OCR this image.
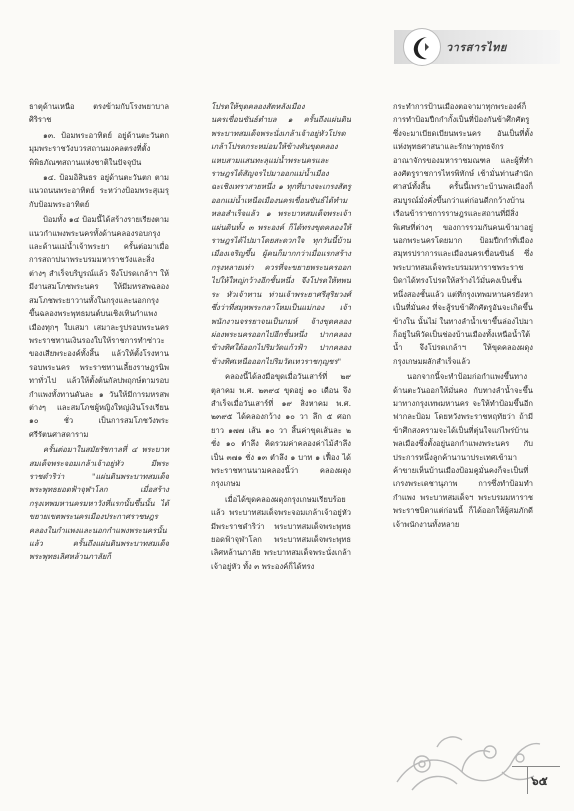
วารสารไทย

ธาตุด้านเหนือ ตรงข้ามกับโรงพยาบาลศิริราช

๑๓. ป้อมพระอาทิตย์ อยู่ด้านตะวันตกมุมพระราชวังบวรสถานมงคลตรงที่ตั้งพิพิธภัณฑสถานแห่งชาติในปัจจุบัน

๑๔. ป้อมอิสินธร อยู่ด้านตะวันตก ตามแนวถนนพระอาทิตย์ ระหว่างป้อมพระสุเมรุกับป้อมพระอาทิตย์

ป้อมทั้ง ๑๔ ป้อมนี้ได้สร้างรายเรียงตามแนวกำแพงพระนครทั้งด้านคลองรอบกรุงและด้านแม่น้ำเจ้าพระยา ครั้นต่อมาเมื่อการสถาปนาพระบรมมหาราชวังและสิ่งต่างๆ สำเร็จบริบูรณ์แล้ว จึงโปรดเกล้าฯ ให้มีงานสมโภชพระนคร ให้มีมหรสพฉลองสมโภชพระยาวานทั้งในกรุงและนอกกรุงขึ้นฉลองพระพุทธมนต์บนเชิงเทินกำแพงเมืองทุกๆ ใบเสมา เสมาละรูปรอบพระนครพระราชทานเงินรองใบให้ราชการทำซ่าวะของเสียพระองค์ทั้งสิ้น แล้วให้ตั้งโรงทานรอบพระนคร พระราชทานเลี้ยงราษฎรนิพทาทั่วไป แล้วให้ตั้งต้นกัลปพฤกษ์ตามรอบกำแพงทั้งทานดันละ ๑ วันให้มีการมหรสพต่างๆ และสมโภชผู้หญิงใหญ่เงินโรงเรียน ๑๐ ชั่ว เป็นการสมโภชวังพระศรีรัตนศาสดาราม

ครั้นต่อมาในสมัยรัชกาลที่ ๔ พระบาทสมเด็จพระจอมเกล้าเจ้าอยู่หัว มีพระราชดำริว่า "แผ่นดินพระบาทสมเด็จพระพุทธยอดฟ้าจุฬาโลก เมื่อสร้างกรุงเทพมหานครมหาวังที่แรกนั้นขึ้นนั้น ได้ขยายเขตพระนครเมืองประกาศราชษฎรคลองในกำแพงและนอกกำแพงพระนครนั้นแล้ว ครั้นถึงแผ่นดินพระบาทสมเด็จพระพุทธเลิศหล้านภาลัยก็

โปรดให้ขุดคลองสัตหลังเมืองนครเขื่อนขันธ์ตำบล ๑ ครั้นถึงแผ่นดินพระบาทสมเด็จพระนั่งเกล้าเจ้าอยู่หัวโปรดเกล้าโปรดกระหม่อมให้ข้างคันขุดคลองแหบสามแสนทะลุแม่น้ำพระนครและราษฎรได้สัญจรไปมาออกแม่น้ำเมืองฉะเชิงเทราสายหนึ่ง ๑ ทุกที่บางจะเกรงสัตรูออกแม่น้ำเหนือเมืองนครเขื่อนขันธ์ได้ทำมหลอสำเร็จแล้ว ๑ พระบาทสมเด็จพระเจ้าแผ่นดินทั้ง ๓ พระองค์ ก็ได้ทรงขุดคลองให้ราษฎรได้ไปมาโดยสะดวกใจ ทุกวันนี้บ้านเมืองเจริญขึ้น ผู้คนก็มากกว่าเมื่อแรกสร้างกรุงหลายเท่า ควรที่จะขยายพระนครออกไปให้ใหญ่กว้างอีกชั้นหนึ่ง จึงโปรดให้ทพนระ หัวเจ้าทาน ท่านเจ้าพระยาศรีสุริยวงศ์ ซึ่งว่าที่สมุหพระกลาโหมเป็นแม่กอง เจ้าพนักงานจรรยาจนเป็นกมห์ จ้างขุดคลองผ่องพระนครออกไปอีกชั้นหนึ่ง ปากคลองข้างทิศใต้ออกไปริมวัดแก้วฟ้า ปากคลองข้างทิศเหนือออกไปริมวัดเทวราชกุญชร"

คลองนี้ได้ลงมือขุดเมื่อวันเสาร์ที่ ๒๙ ตุลาคม พ.ศ. ๒๓๙๔ ขุดอยู่ ๑๐ เดือน จึงสำเร็จเมื่อวันเสาร์ที่ ๑๙ สิงหาคม พ.ศ. ๒๓๙๕ ได้คลองกว้าง ๑๐ วา ลึก ๕ ศอก ยาว ๑๗๗ เส้น ๑๐ วา สิ้นค่าขุดเส้นละ ๒ ชั่ง ๑๐ ตำลึง คิดรวมค่าคลองค่าไม้สำลึงเป็น ๓๗๑ ชั่ง ๑๓ ตำลึง ๑ บาท ๑ เฟื้อง ได้พระราชทานนามคลองนี้ว่า คลองผดุงกรุงเกษม

เมื่อได้ขุดคลองผดุงกรุงเกษมเรียบร้อยแล้ว พระบาทสมเด็จพระจอมเกล้าเจ้าอยู่หัวมีพระราชดำริว่า พระบาทสมเด็จพระพุทธยอดฟ้าจุฬาโลก พระบาทสมเด็จพระพุทธเลิศหล้านภาลัย พระบาทสมเด็จพระนั่งเกล้าเจ้าอยู่หัว ทั้ง ๓ พระองค์ก็ได้ทรง

กระทำการป้านเมืองตอจามาทุกพระองค์ก็การทำป้อมปืกกำกั้งเป็นที่ป้องกันข้าศึกศัตรูซึ่งจะมาเบียดเบียนพระนคร อันเป็นที่ตั้งแห่งพุทธศาสนาและรักษาพุทธจักรอาณาจักรของมหาราชมณฑล และผู้ที่ทำลงศัตรูราชการไทรพิทักษ์ เช้ามั่นท่านสำนักศาสน์ทั้งสิ้น ครั้นนี้เพราะบ้านพลเมืองก็สมบูรณ์มั่งคั่งขึ้นกว่าแต่ก่อนดีกกว้างบ้านเรือนข้าราชการราษฎรและสถานที่มีสิ่งพิเศษที่ต่างๆ ของการรวมกันคนเข้ามาอยู่นอกพระนครโดยมาก ป้อมปืกกำที่เมืองสมุทรปราการและเมืองนครเขื่อนขันธ์ ซึ่งพระบาทสมเด็จพระบรมมหาราชพระราชบิดาได้ทรงโปรดให้สร้างไว้มั่นคงเป็นชั้นหนึ่งสองชั้นแล้ว แต่ที่กรุงเทพมหานครยังหาเป็นที่มั่นคง ที่จะสู้รบข้าศึกศัตรูอันจะเกิดขึ้นข้างใน นั้นไม่ ในทางลำน้ำเขาขึ้นล่องไปมาก็อยู่ในพิวัดเป็นช่องบ้านเมืองทั้งเหนือน้ำใต้น้ำ จึงโปรดเกล้าฯ ให้ขุดคลองผดุงกรุงเกษมผลักสำเร็จแล้ว

นอกจากนี้จะทำป้อมก่อกำแพงขึ้นทางด้านตะวันออกให้มั่นคง กับทางลำน้ำจะขึ้นมาทางกรุงเทพมหานคร จะให้ทำป้อมขึ้นอีกฟากละป้อม โดยหวังพระราชหฤทัยว่า ถ้ามีข้าศึกสงครามจะได้เป็นที่ตุ่นใจแก่ไพร่บ้านพลเมืองซึ่งตั้งอยู่นอกกำแพงพระนคร กับประการหนึ่งลูกค้านานาประเทศเข้ามาค้าขายเห็นบ้านเมืองป้อมคูมั่นคงก็จะเป็นที่เกรงพระเดชานุภาพ การซึ่งทำป้อมทำกำแพง พระบาทสมเด็จฯ พระบรมมหาราชพระราชบิดาแต่ก่อนนี้ ก็ได้ออกให้ผู้สมภักดีเจ้าพนักงานทั้งหลาย

๖๕
